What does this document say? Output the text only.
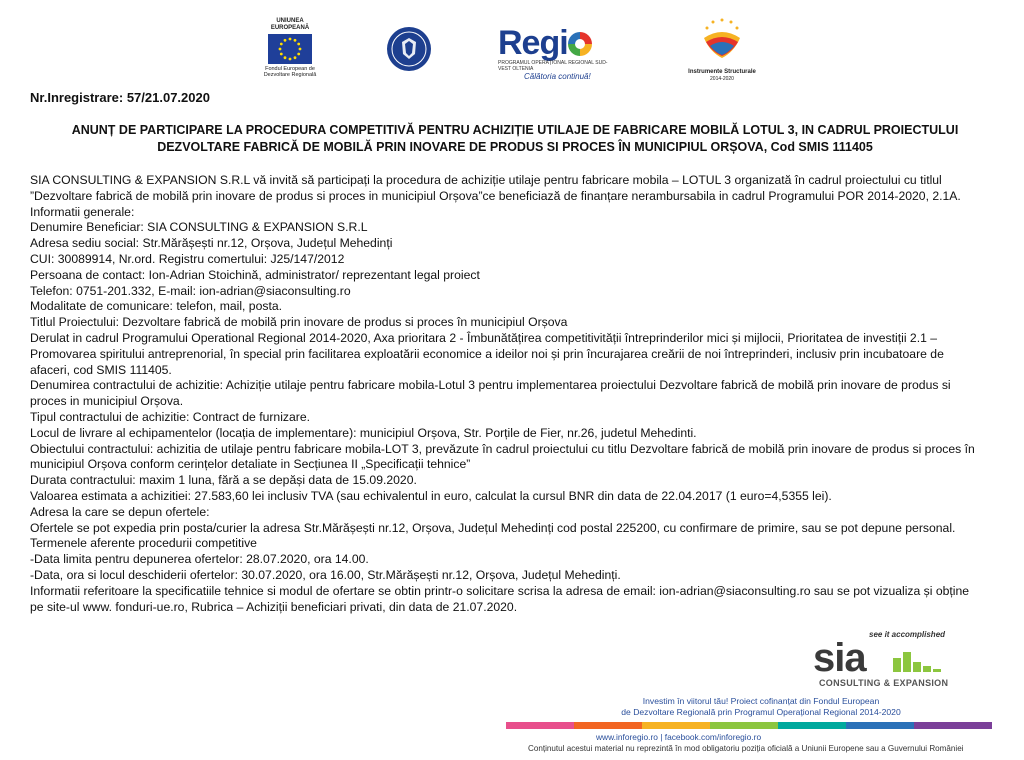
UNIUNEA EUROPEANĂ
Fondul European de Dezvoltare Regională
Regi
PROGRAMUL OPERAȚIONAL REGIONAL SUD-VEST OLTENIA
Călătoria continuă!	Instrumente Structurale
2014-2020
Nr.Inregistrare: 57/21.07.2020
ANUNȚ DE PARTICIPARE LA PROCEDURA COMPETITIVĂ PENTRU ACHIZIȚIE UTILAJE DE FABRICARE MOBILĂ LOTUL 3, IN CADRUL PROIECTULUI DEZVOLTARE FABRICĂ DE MOBILĂ PRIN INOVARE DE PRODUS SI PROCES ÎN MUNICIPIUL ORȘOVA, Cod SMIS 111405

SIA CONSULTING & EXPANSION S.R.L vă invită să participați la procedura de achiziție utilaje pentru fabricare mobila – LOTUL 3 organizată în cadrul proiectului cu titlul ”Dezvoltare fabrică de mobilă prin inovare de produs si proces in municipiul Orșova”ce beneficiază de finanțare nerambursabila in cadrul Programului POR 2014-2020, 2.1A.

Informatii generale:

Denumire Beneficiar: SIA CONSULTING & EXPANSION S.R.L

Adresa sediu social: Str.Mărășești nr.12, Orșova, Județul Mehedinți

CUI: 30089914, Nr.ord. Registru comertului: J25/147/2012

Persoana de contact: Ion-Adrian Stoichină, administrator/ reprezentant legal proiect

Telefon: 0751-201.332, E-mail: ion-adrian@siaconsulting.ro

Modalitate de comunicare: telefon, mail, posta.

Titlul Proiectului: Dezvoltare fabrică de mobilă prin inovare de produs si proces în municipiul Orșova

Derulat in cadrul Programului Operational Regional 2014-2020, Axa prioritara 2 - Îmbunătățirea competitivității întreprinderilor mici și mijlocii, Prioritatea de investiții 2.1 – Promovarea spiritului antreprenorial, în special prin facilitarea exploatării economice a ideilor noi și prin încurajarea creării de noi întreprinderi, inclusiv prin incubatoare de afaceri, cod SMIS 111405.

Denumirea contractului de achizitie: Achiziție utilaje pentru fabricare mobila-Lotul 3 pentru implementarea proiectului Dezvoltare fabrică de mobilă prin inovare de produs si proces in municipiul Orșova.

Tipul contractului de achizitie: Contract de furnizare.

Locul de livrare al echipamentelor (locația de implementare): municipiul Orșova, Str. Porțile de Fier, nr.26, judetul Mehedinti.

Obiectului contractului: achizitia de utilaje pentru fabricare mobila-LOT 3, prevăzute în cadrul proiectului cu titlu Dezvoltare fabrică de mobilă prin inovare de produs si proces în municipiul Orșova conform cerințelor detaliate in Secțiunea II „Specificații tehnice”

Durata contractului: maxim 1 luna, fără a se depăși data de 15.09.2020.

Valoarea estimata a achizitiei: 27.583,60 lei inclusiv TVA (sau echivalentul in euro, calculat la cursul BNR din data de 22.04.2017 (1 euro=4,5355 lei).

Adresa la care se depun ofertele:

Ofertele se pot expedia prin posta/curier la adresa Str.Mărășești nr.12, Orșova, Județul Mehedinți cod postal 225200, cu confirmare de primire, sau se pot depune personal.

Termenele aferente procedurii competitive

-Data limita pentru depunerea ofertelor: 28.07.2020, ora 14.00.

-Data, ora si locul deschiderii ofertelor: 30.07.2020, ora 16.00, Str.Mărășești nr.12, Orșova, Județul Mehedinți.

Informatii referitoare la specificatiile tehnice si modul de ofertare se obtin printr-o solicitare scrisa la adresa de email: ion-adrian@siaconsulting.ro sau se pot vizualiza și obține pe site-ul www. fonduri-ue.ro, Rubrica – Achiziții beneficiari privati, din data de 21.07.2020.

see it accomplished
sia
CONSULTING & EXPANSION
Investim în viitorul tău! Proiect cofinanțat din Fondul European
de Dezvoltare Regională prin Programul Operațional Regional 2014-2020
www.inforegio.ro | facebook.com/inforegio.ro
Conținutul acestui material nu reprezintă în mod obligatoriu poziția oficială a Uniunii Europene sau a Guvernului României
